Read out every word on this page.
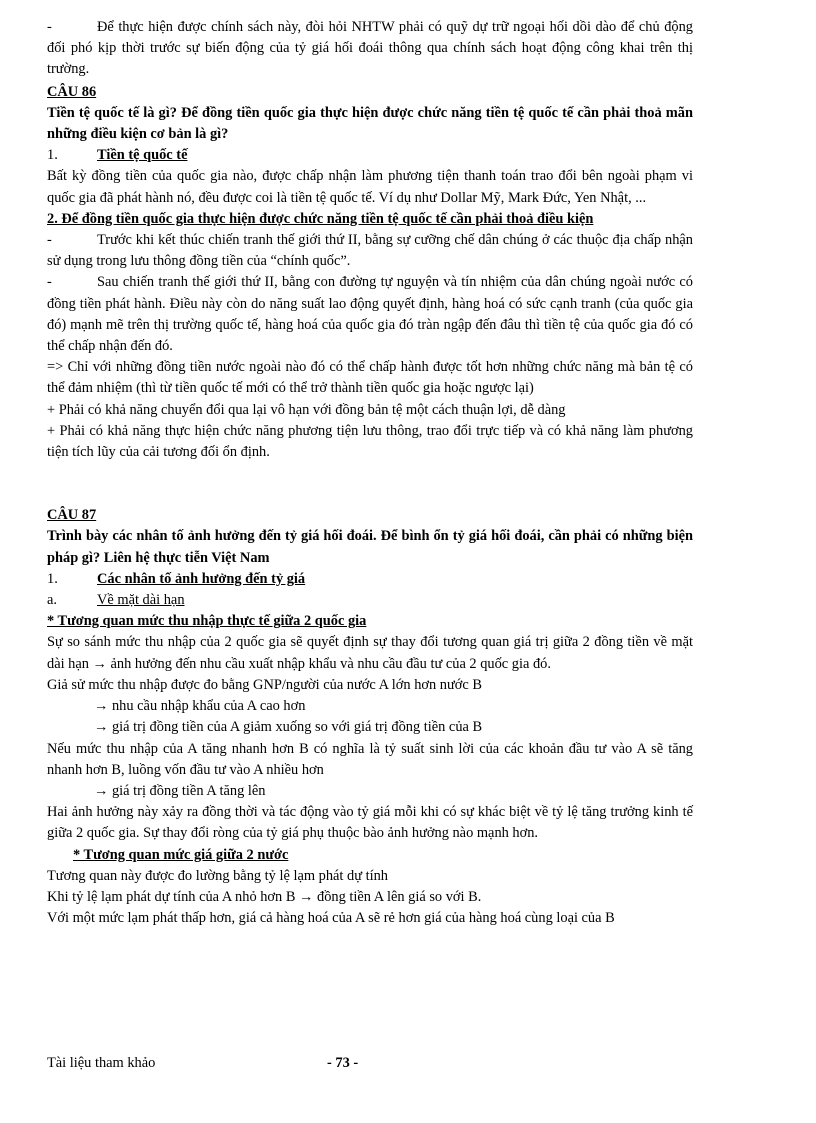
-	Để thực hiện được chính sách này, đòi hỏi NHTW phải có quỹ dự trữ ngoại hối dồi dào để chủ động đối phó kịp thời trước sự biến động của tỷ giá hối đoái thông qua chính sách hoạt động công khai trên thị trường.

CÂU 86

Tiền tệ quốc tế là gì? Để đồng tiền quốc gia thực hiện được chức năng tiền tệ quốc tế cần phải thoả mãn những điều kiện cơ bản là gì?

1.	Tiền tệ quốc tế

Bất kỳ đồng tiền của quốc gia nào, được chấp nhận làm phương tiện thanh toán trao đổi bên ngoài phạm vi quốc gia đã phát hành nó, đều được coi là tiền tệ quốc tế. Ví dụ như Dollar Mỹ, Mark Đức, Yen Nhật, ...

2. Để đồng tiền quốc gia thực hiện được chức năng tiền tệ quốc tế cần phải thoả điều kiện

-	Trước khi kết thúc chiến tranh thế giới thứ II, bằng sự cưỡng chế dân chúng ở các thuộc địa chấp nhận sử dụng trong lưu thông đồng tiền của “chính quốc”.

-	Sau chiến tranh thế giới thứ II, bằng con đường tự nguyện và tín nhiệm của dân chúng ngoài nước có đồng tiền phát hành. Điều này còn do năng suất lao động quyết định, hàng hoá có sức cạnh tranh (của quốc gia đó) mạnh mẽ trên thị trường quốc tế, hàng hoá của quốc gia đó tràn ngập đến đâu thì tiền tệ của quốc gia đó có thể chấp nhận đến đó.

=> Chỉ với những đồng tiền nước ngoài nào đó có thể chấp hành được tốt hơn những chức năng mà bản tệ có thể đảm nhiệm (thì từ tiền quốc tế mới có thể trở thành tiền quốc gia hoặc ngược lại)

+ Phải có khả năng chuyển đổi qua lại vô hạn với đồng bản tệ một cách thuận lợi, dễ dàng

+ Phải có khả năng thực hiện chức năng phương tiện lưu thông, trao đổi trực tiếp và có khả năng làm phương tiện tích lũy của cải tương đối ổn định.

CÂU 87

Trình bày các nhân tố ảnh hưởng đến tỷ giá hối đoái. Để bình ổn tỷ giá hối đoái, cần phải có những biện pháp gì? Liên hệ thực tiễn Việt Nam

1.	Các nhân tố ảnh hưởng đến tỷ giá

a.	Về mặt dài hạn

* Tương quan mức thu nhập thực tế giữa 2 quốc gia

Sự so sánh mức thu nhập của 2 quốc gia sẽ quyết định sự thay đổi tương quan giá trị giữa 2 đồng tiền về mặt dài hạn → ảnh hưởng đến nhu cầu xuất nhập khẩu và nhu cầu đầu tư của 2 quốc gia đó.

Giả sử mức thu nhập được đo bằng GNP/người của nước A lớn hơn nước B

→ nhu cầu nhập khẩu của A cao hơn

→ giá trị đồng tiền của A giảm xuống so với giá trị đồng tiền của B

Nếu mức thu nhập của A tăng nhanh hơn B có nghĩa là tỷ suất sinh lời của các khoản đầu tư vào A sẽ tăng nhanh hơn B, luồng vốn đầu tư vào A nhiều hơn

→ giá trị đồng tiền A tăng lên

Hai ảnh hưởng này xảy ra đồng thời và tác động vào tỷ giá mỗi khi có sự khác biệt về tỷ lệ tăng trưởng kinh tế giữa 2 quốc gia. Sự thay đổi ròng của tỷ giá phụ thuộc bào ảnh hưởng nào mạnh hơn.

* Tương quan mức giá giữa 2 nước

Tương quan này được đo lường bằng tỷ lệ lạm phát dự tính

Khi tỷ lệ lạm phát dự tính của A nhỏ hơn B → đồng tiền A lên giá so với B.

Với một mức lạm phát thấp hơn, giá cả hàng hoá của A sẽ rẻ hơn giá của hàng hoá cùng loại của B

Tài liệu tham khảo	- 73 -
